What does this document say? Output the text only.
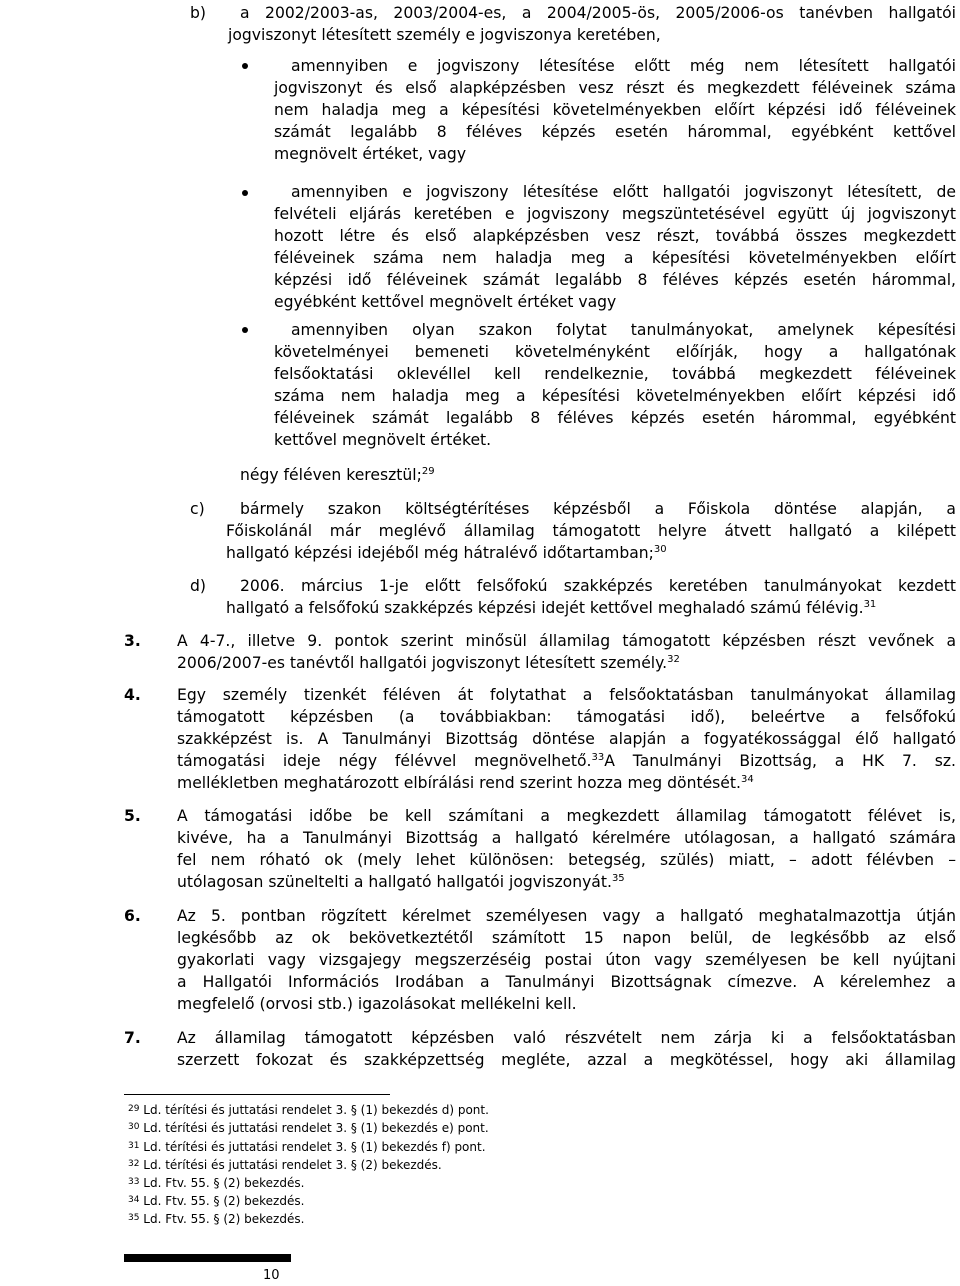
b) a 2002/2003-as, 2003/2004-es, a 2004/2005-ös, 2005/2006-os tanévben hallgatói
jogviszonyt létesített személy e jogviszonya keretében,
amennyiben e jogviszony létesítése előtt még nem létesített hallgatói
jogviszonyt és első alapképzésben vesz részt és megkezdett féléveinek száma
nem haladja meg a képesítési követelményekben előírt képzési idő féléveinek
számát legalább 8 féléves képzés esetén hárommal, egyébként kettővel
megnövelt értéket, vagy
amennyiben e jogviszony létesítése előtt hallgatói jogviszonyt létesített, de
felvételi eljárás keretében e jogviszony megszüntetésével együtt új jogviszonyt
hozott létre és első alapképzésben vesz részt, továbbá összes megkezdett
féléveinek száma nem haladja meg a képesítési követelményekben előírt
képzési idő féléveinek számát legalább 8 féléves képzés esetén hárommal,
egyébként kettővel megnövelt értéket vagy
amennyiben olyan szakon folytat tanulmányokat, amelynek képesítési
követelményei bemeneti követelményként előírják, hogy a hallgatónak
felsőoktatási oklevéllel kell rendelkeznie, továbbá megkezdett féléveinek
száma nem haladja meg a képesítési követelményekben előírt képzési idő
féléveinek számát legalább 8 féléves képzés esetén hárommal, egyébként
kettővel megnövelt értéket.
négy féléven keresztül;$^{29}$
c) bármely szakon költségtérítéses képzésből a Főiskola döntése alapján, a
Főiskolánál már meglévő államilag támogatott helyre átvett hallgató a kilépett
hallgató képzési idejéből még hátralévő időtartamban;$^{30}$
d) 2006. március 1-je előtt felsőfokú szakképzés keretében tanulmányokat kezdett
hallgató a felsőfokú szakképzés képzési idejét kettővel meghaladó számú félévig.$^{31}$
3. A 4-7., illetve 9. pontok szerint minősül államilag támogatott képzésben részt vevőnek a
2006/2007-es tanévtől hallgatói jogviszonyt létesített személy.$^{32}$
4. Egy személy tizenkét féléven át folytathat a felsőoktatásban tanulmányokat államilag
támogatott képzésben (a továbbiakban: támogatási idő), beleértve a felsőfokú
szakképzést is. A Tanulmányi Bizottság döntése alapján a fogyatékossággal élő hallgató
támogatási ideje négy félévvel megnövelhető.$^{33}$A Tanulmányi Bizottság, a HK 7. sz.
mellékletben meghatározott elbírálási rend szerint hozza meg döntését.$^{34}$
5. A támogatási időbe be kell számítani a megkezdett államilag támogatott félévet is,
kivéve, ha a Tanulmányi Bizottság a hallgató kérelmére utólagosan, a hallgató számára
fel nem róható ok (mely lehet különösen: betegség, szülés) miatt, – adott félévben –
utólagosan szüneltelti a hallgató hallgatói jogviszonyát.$^{35}$
6. Az 5. pontban rögzített kérelmet személyesen vagy a hallgató meghatalmazottja útján
legkésőbb az ok bekövetkeztétől számított 15 napon belül, de legkésőbb az első
gyakorlati vagy vizsgajegy megszerzéséig postai úton vagy személyesen be kell nyújtani
a Hallgatói Információs Irodában a Tanulmányi Bizottságnak címezve. A kérelemhez a
megfelelő (orvosi stb.) igazolásokat mellékelni kell.
7. Az államilag támogatott képzésben való részvételt nem zárja ki a felsőoktatásban
szerzett fokozat és szakképzettség megléte, azzal a megkötéssel, hogy aki államilag
$^{29}$ Ld. térítési és juttatási rendelet 3. § (1) bekezdés d) pont.
$^{30}$ Ld. térítési és juttatási rendelet 3. § (1) bekezdés e) pont.
$^{31}$ Ld. térítési és juttatási rendelet 3. § (1) bekezdés f) pont.
$^{32}$ Ld. térítési és juttatási rendelet 3. § (2) bekezdés.
$^{33}$ Ld. Ftv. 55. § (2) bekezdés.
$^{34}$ Ld. Ftv. 55. § (2) bekezdés.
$^{35}$ Ld. Ftv. 55. § (2) bekezdés.
10
